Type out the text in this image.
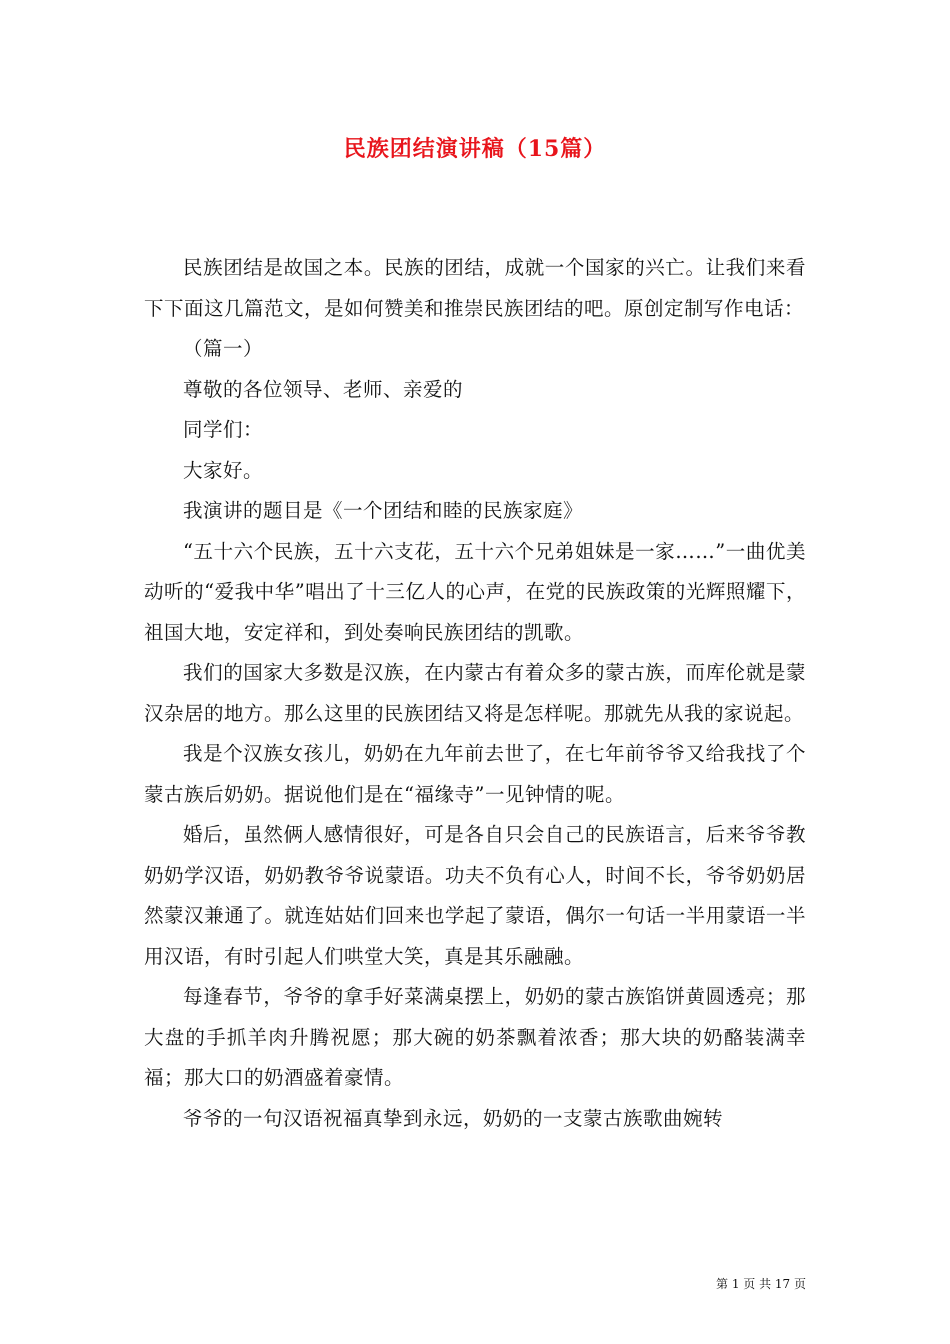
民族团结演讲稿（15篇）

民族团结是故国之本。民族的团结，成就一个国家的兴亡。让我们来看下下面这几篇范文，是如何赞美和推崇民族团结的吧。原创定制写作电话：

（篇一）

尊敬的各位领导、老师、亲爱的

同学们：

大家好。

我演讲的题目是《一个团结和睦的民族家庭》

“五十六个民族，五十六支花，五十六个兄弟姐妹是一家……”一曲优美动听的“爱我中华”唱出了十三亿人的心声，在党的民族政策的光辉照耀下，祖国大地，安定祥和，到处奏响民族团结的凯歌。

我们的国家大多数是汉族，在内蒙古有着众多的蒙古族，而库伦就是蒙汉杂居的地方。那么这里的民族团结又将是怎样呢。那就先从我的家说起。

我是个汉族女孩儿，奶奶在九年前去世了，在七年前爷爷又给我找了个蒙古族后奶奶。据说他们是在“福缘寺”一见钟情的呢。

婚后，虽然俩人感情很好，可是各自只会自己的民族语言，后来爷爷教奶奶学汉语，奶奶教爷爷说蒙语。功夫不负有心人，时间不长，爷爷奶奶居然蒙汉兼通了。就连姑姑们回来也学起了蒙语，偶尔一句话一半用蒙语一半用汉语，有时引起人们哄堂大笑，真是其乐融融。

每逢春节，爷爷的拿手好菜满桌摆上，奶奶的蒙古族馅饼黄圆透亮；那大盘的手抓羊肉升腾祝愿；那大碗的奶茶飘着浓香；那大块的奶酪装满幸福；那大口的奶酒盛着豪情。

爷爷的一句汉语祝福真挚到永远，奶奶的一支蒙古族歌曲婉转

第 1 页 共 17 页
